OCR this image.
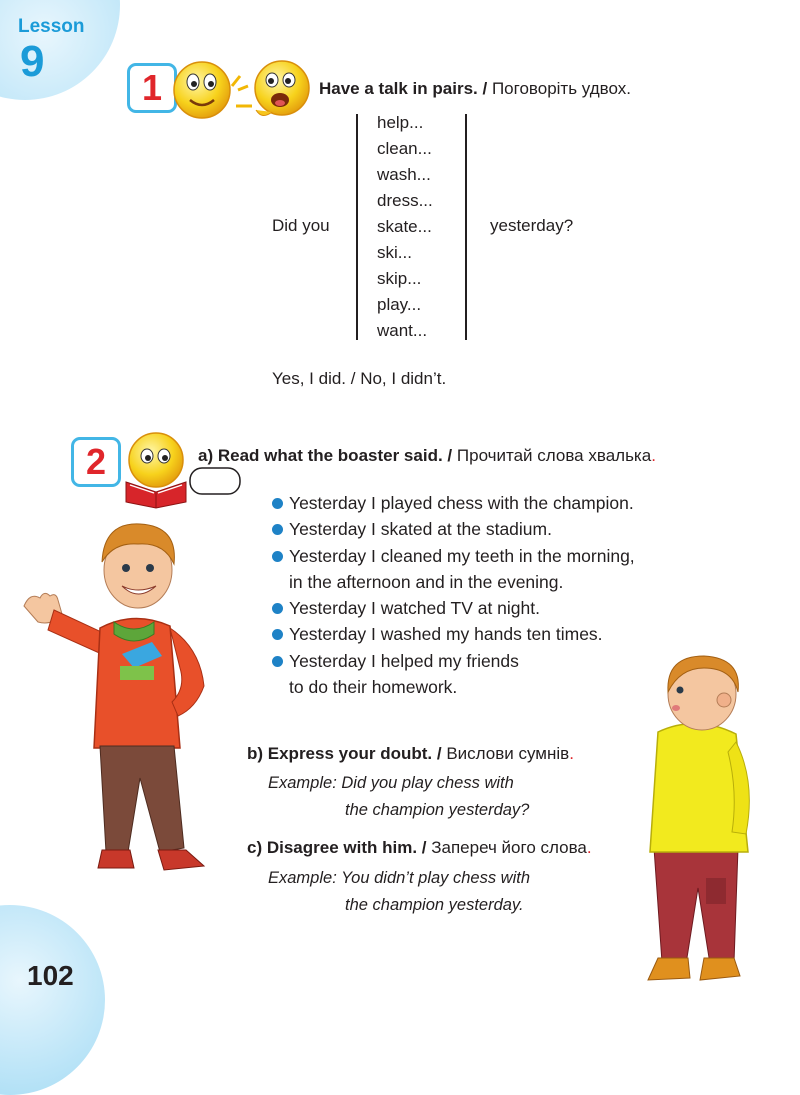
Lesson
9
1	Have a talk in pairs. / Поговоріть удвох.
Did you
help...
clean...
wash...
dress...
skate...
ski...
skip...
play...
want...
yesterday?
Yes, I did. / No, I didn’t.
2	a) Read what the boaster said. / Прочитай слова хвалька.
Yesterday I played chess with the champion.
Yesterday I skated at the stadium.
Yesterday I cleaned my teeth in the morning,
in the afternoon and in the evening.
Yesterday I watched TV at night.
Yesterday I washed my hands ten times.
Yesterday I helped my friends
to do their homework.
b) Express your doubt. / Вислови сумнів.
Example: Did you play chess with
the champion yesterday?
c) Disagree with him. / Запереч його слова.
Example: You didn’t play chess with
the champion yesterday.
102
